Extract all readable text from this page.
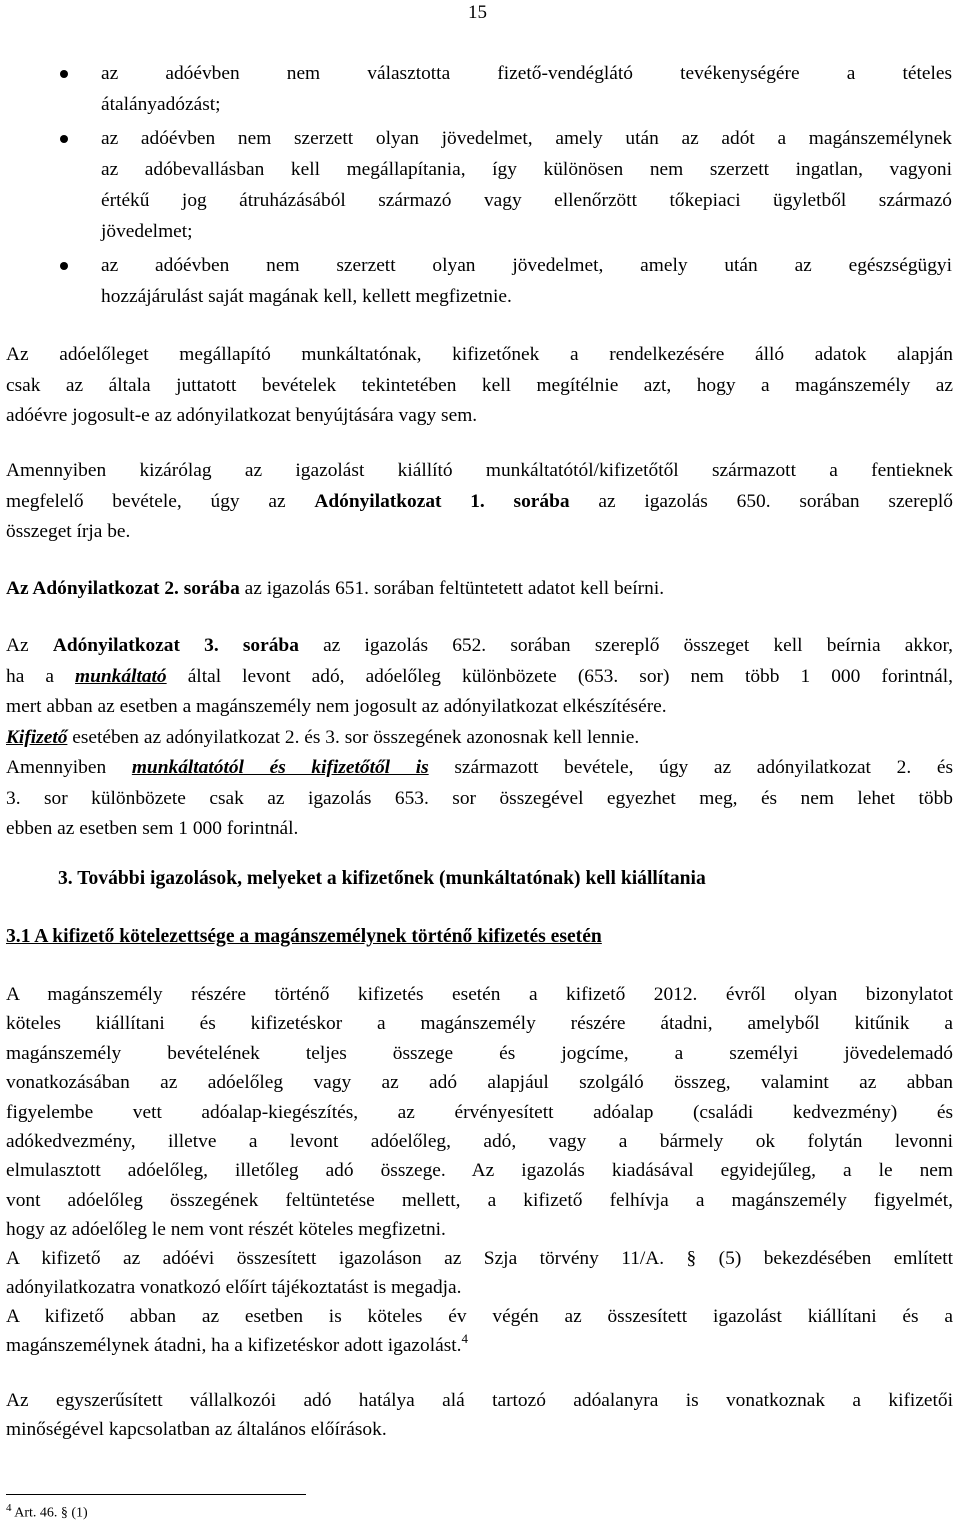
15
az adóévben nem választotta fizető-vendéglátó tevékenységére a tételes
átalányadózást;
az adóévben nem szerzett olyan jövedelmet, amely után az adót a magánszemélynek
az adóbevallásban kell megállapítania, így különösen nem szerzett ingatlan, vagyoni
értékű jog átruházásából származó vagy ellenőrzött tőkepiaci ügyletből származó
jövedelmet;
az adóévben nem szerzett olyan jövedelmet, amely után az egészségügyi
hozzájárulást saját magának kell, kellett megfizetnie.

Az adóelőleget megállapító munkáltatónak, kifizetőnek a rendelkezésére álló adatok alapján
csak az általa juttatott bevételek tekintetében kell megítélnie azt, hogy a magánszemély az
adóévre jogosult-e az adónyilatkozat benyújtására vagy sem.

Amennyiben kizárólag az igazolást kiállító munkáltatótól/kifizetőtől származott a fentieknek
megfelelő bevétele, úgy az Adónyilatkozat 1. sorába az igazolás 650. sorában szereplő
összeget írja be.

Az Adónyilatkozat 2. sorába az igazolás 651. sorában feltüntetett adatot kell beírni.

Az Adónyilatkozat 3. sorába az igazolás 652. sorában szereplő összeget kell beírnia akkor,
ha a munkáltató által levont adó, adóelőleg különbözete (653. sor) nem több 1 000 forintnál,
mert abban az esetben a magánszemély nem jogosult az adónyilatkozat elkészítésére.
Kifizető esetében az adónyilatkozat 2. és 3. sor összegének azonosnak kell lennie.
Amennyiben munkáltatótól és kifizetőtől is származott bevétele, úgy az adónyilatkozat 2. és
3. sor különbözete csak az igazolás 653. sor összegével egyezhet meg, és nem lehet több
ebben az esetben sem 1 000 forintnál.

3. További igazolások, melyeket a kifizetőnek (munkáltatónak) kell kiállítania
3.1 A kifizető kötelezettsége a magánszemélynek történő kifizetés esetén

A magánszemély részére történő kifizetés esetén a kifizető 2012. évről olyan bizonylatot
köteles kiállítani és kifizetéskor a magánszemély részére átadni, amelyből kitűnik a
magánszemély bevételének teljes összege és jogcíme, a személyi jövedelemadó
vonatkozásában az adóelőleg vagy az adó alapjául szolgáló összeg, valamint az abban
figyelembe vett adóalap-kiegészítés, az érvényesített adóalap (családi kedvezmény) és
adókedvezmény, illetve a levont adóelőleg, adó, vagy a bármely ok folytán levonni
elmulasztott adóelőleg, illetőleg adó összege. Az igazolás kiadásával egyidejűleg, a le nem
vont adóelőleg összegének feltüntetése mellett, a kifizető felhívja a magánszemély figyelmét,
hogy az adóelőleg le nem vont részét köteles megfizetni.

A kifizető az adóévi összesített igazoláson az Szja törvény 11/A. § (5) bekezdésében említett
adónyilatkozatra vonatkozó előírt tájékoztatást is megadja.

A kifizető abban az esetben is köteles év végén az összesített igazolást kiállítani és a
magánszemélynek átadni, ha a kifizetéskor adott igazolást.$^4$

Az egyszerűsített vállalkozói adó hatálya alá tartozó adóalanyra is vonatkoznak a kifizetői
minőségével kapcsolatban az általános előírások.

$^4$ Art. 46. § (1)
